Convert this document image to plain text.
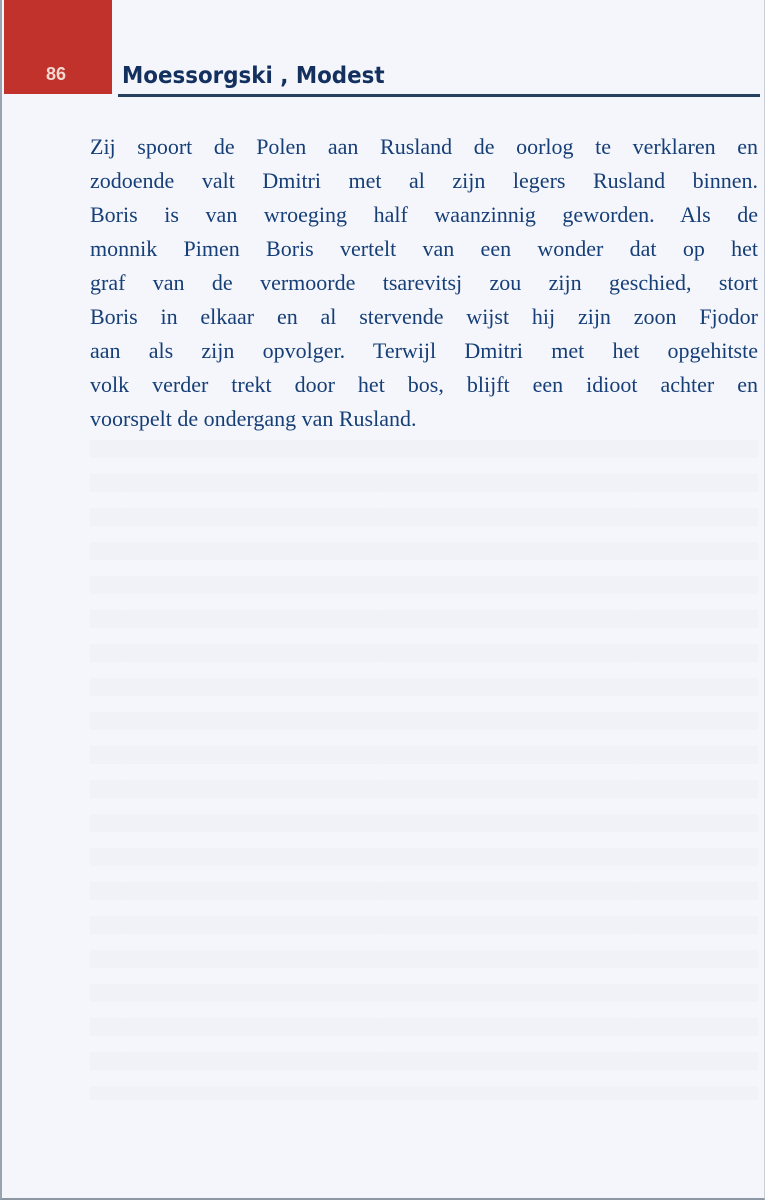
86 Moessorgski , Modest

Zij spoort de Polen aan Rusland de oorlog te verklaren en
zodoende valt Dmitri met al zijn legers Rusland binnen.
Boris is van wroeging half waanzinnig geworden. Als de
monnik Pimen Boris vertelt van een wonder dat op het
graf van de vermoorde tsarevitsj zou zijn geschied, stort
Boris in elkaar en al stervende wijst hij zijn zoon Fjodor
aan als zijn opvolger. Terwijl Dmitri met het opgehitste
volk verder trekt door het bos, blijft een idioot achter en
voorspelt de ondergang van Rusland.
